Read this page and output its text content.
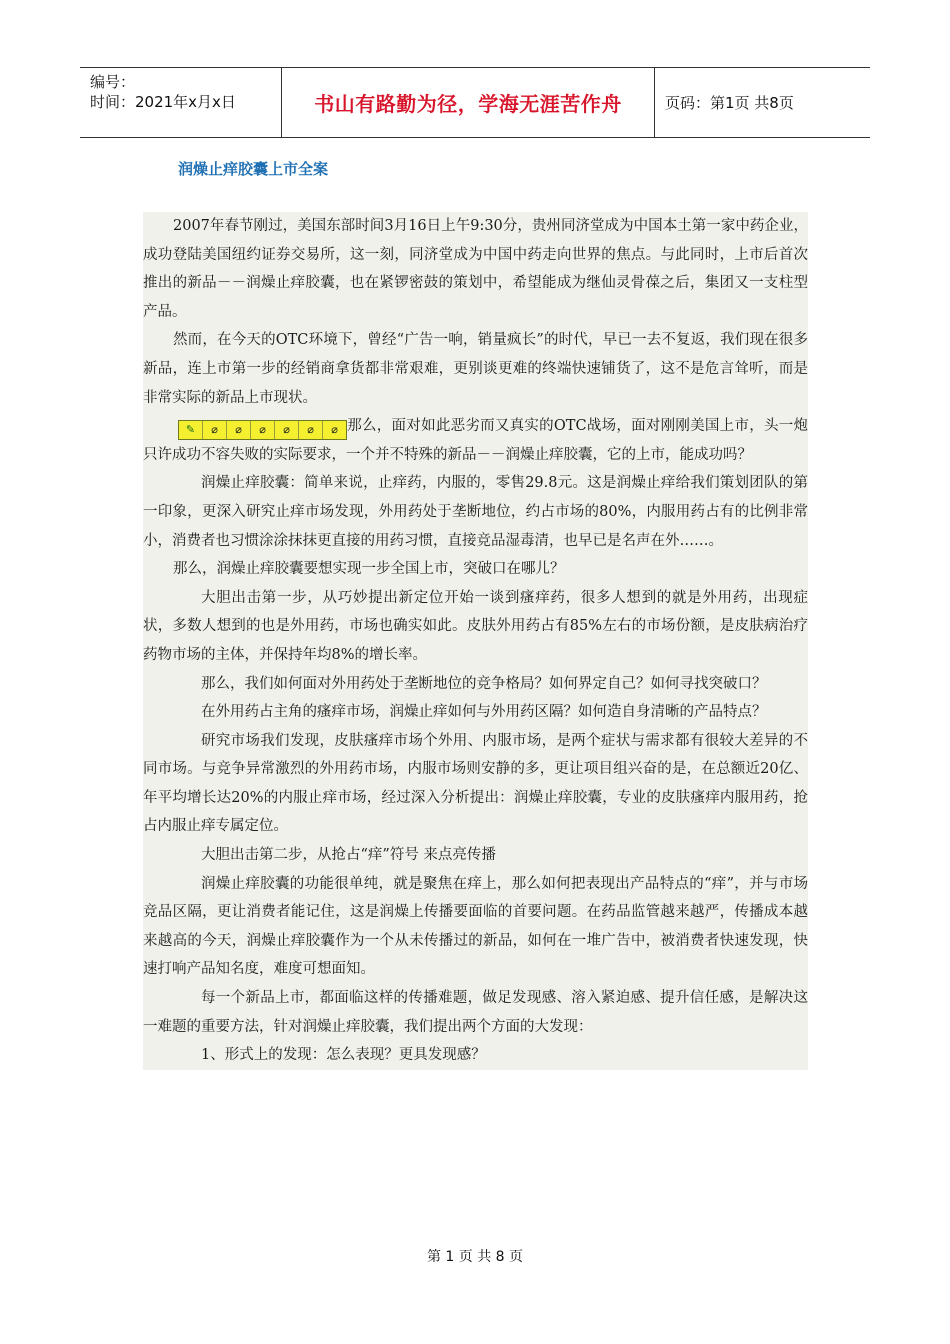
编号：
时间：2021年x月x日	书山有路勤为径，学海无涯苦作舟	页码：第1页 共8页
润燥止痒胶囊上市全案

2007年春节刚过，美国东部时间3月16日上午9:30分，贵州同济堂成为中国本土第一家中药企业，成功登陆美国纽约证券交易所，这一刻，同济堂成为中国中药走向世界的焦点。与此同时，上市后首次推出的新品－－润燥止痒胶囊，也在紧锣密鼓的策划中，希望能成为继仙灵骨葆之后，集团又一支柱型产品。

然而，在今天的OTC环境下，曾经“广告一响，销量疯长”的时代，早已一去不复返，我们现在很多新品，连上市第一步的经销商拿货都非常艰难，更别谈更难的终端快速铺货了，这不是危言耸听，而是非常实际的新品上市现状。

✎	⌀	⌀	⌀	⌀	⌀	⌀ 那么，面对如此恶劣而又真实的OTC战场，面对刚刚美国上市，头一炮只许成功不容失败的实际要求，一个并不特殊的新品－－润燥止痒胶囊，它的上市，能成功吗？

润燥止痒胶囊：简单来说，止痒药，内服的，零售29.8元。这是润燥止痒给我们策划团队的第一印象，更深入研究止痒市场发现，外用药处于垄断地位，约占市场的80%，内服用药占有的比例非常小，消费者也习惯涂涂抹抹更直接的用药习惯，直接竞品湿毒清，也早已是名声在外……。

那么，润燥止痒胶囊要想实现一步全国上市，突破口在哪儿？

大胆出击第一步，从巧妙提出新定位开始一谈到瘙痒药，很多人想到的就是外用药，出现症状，多数人想到的也是外用药，市场也确实如此。皮肤外用药占有85%左右的市场份额，是皮肤病治疗药物市场的主体，并保持年均8%的增长率。

那么，我们如何面对外用药处于垄断地位的竞争格局？如何界定自己？如何寻找突破口？

在外用药占主角的瘙痒市场，润燥止痒如何与外用药区隔？如何造自身清晰的产品特点？

研究市场我们发现，皮肤瘙痒市场个外用、内服市场，是两个症状与需求都有很较大差异的不同市场。与竞争异常激烈的外用药市场，内服市场则安静的多，更让项目组兴奋的是，在总额近20亿、年平均增长达20%的内服止痒市场，经过深入分析提出：润燥止痒胶囊，专业的皮肤瘙痒内服用药，抢占内服止痒专属定位。

大胆出击第二步，从抢占“痒”符号 来点亮传播

润燥止痒胶囊的功能很单纯，就是聚焦在痒上，那么如何把表现出产品特点的“痒”，并与市场竞品区隔，更让消费者能记住，这是润燥上传播要面临的首要问题。在药品监管越来越严，传播成本越来越高的今天，润燥止痒胶囊作为一个从未传播过的新品，如何在一堆广告中，被消费者快速发现，快速打响产品知名度，难度可想面知。

每一个新品上市，都面临这样的传播难题，做足发现感、溶入紧迫感、提升信任感，是解决这一难题的重要方法，针对润燥止痒胶囊，我们提出两个方面的大发现：

1、形式上的发现：怎么表现？更具发现感？

第 1 页 共 8 页
